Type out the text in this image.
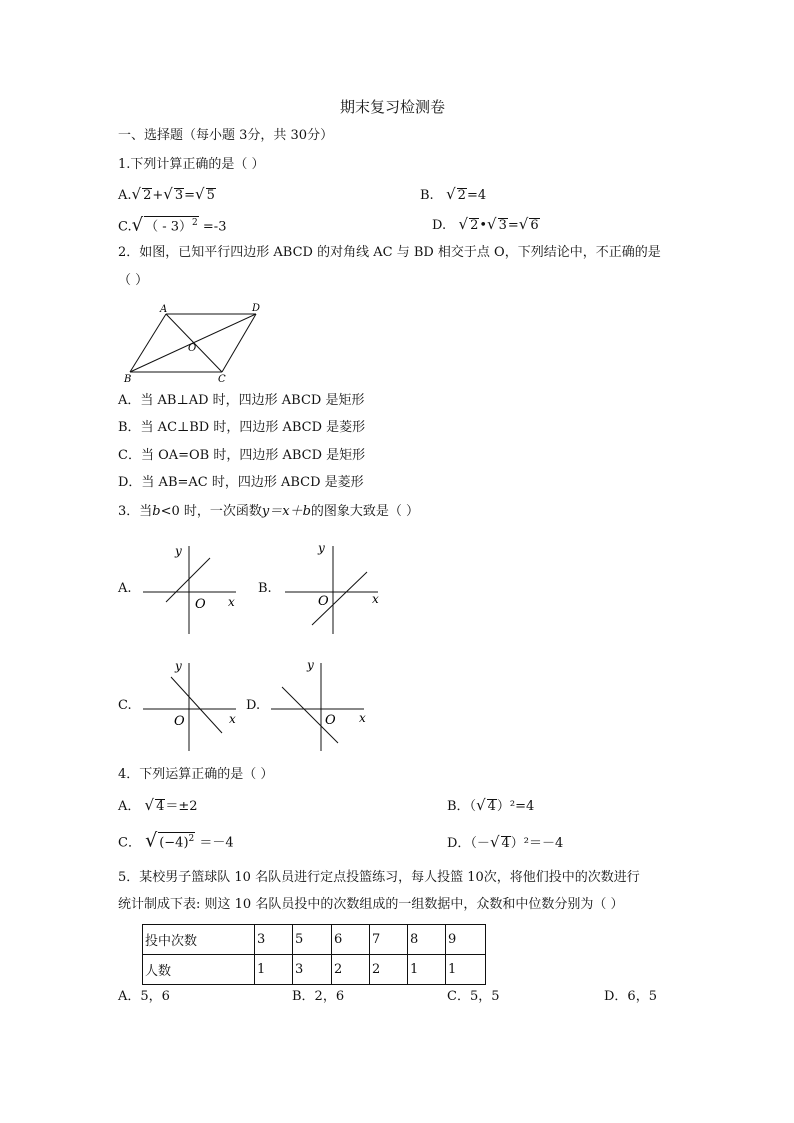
期末复习检测卷
一、选择题（每小题 3分，共 30分）
1.下列计算正确的是（ ）
A.√ 2+√ 3=√ 5	B. √ 2=4
C.√ （ - 3）$^2$ =-3	D. √ 2•√ 3=√ 6
2．如图，已知平行四边形 ABCD 的对角线 AC 与 BD 相交于点 O，下列结论中，不正确的是
（ ）
A	D
B	C
O
A．当 AB⊥AD 时，四边形 ABCD 是矩形
B．当 AC⊥BD 时，四边形 ABCD 是菱形
C．当 OA=OB 时，四边形 ABCD 是矩形
D．当 AB=AC 时，四边形 ABCD 是菱形
3．当b<0 时，一次函数y＝x＋b的图象大致是（ ）
A.
y
x
O
B.
y
x
O
C.
y
x
O
D.
y
x
O
4．下列运算正确的是（ ）
A． √ 4＝±2	B．（√ 4）²=4
C． √ $(-4)^2 =-4$	D．（－√ 4）²＝－4
5．某校男子篮球队 10 名队员进行定点投篮练习，每人投篮 10次，将他们投中的次数进行
统计制成下表: 则这 10 名队员投中的次数组成的一组数据中，众数和中位数分别为（ ）
投中次数	3	5	6	7	8	9
人数	1	3	2	2	1	1
A．5，6	B．2，6	C．5，5	D．6，5
